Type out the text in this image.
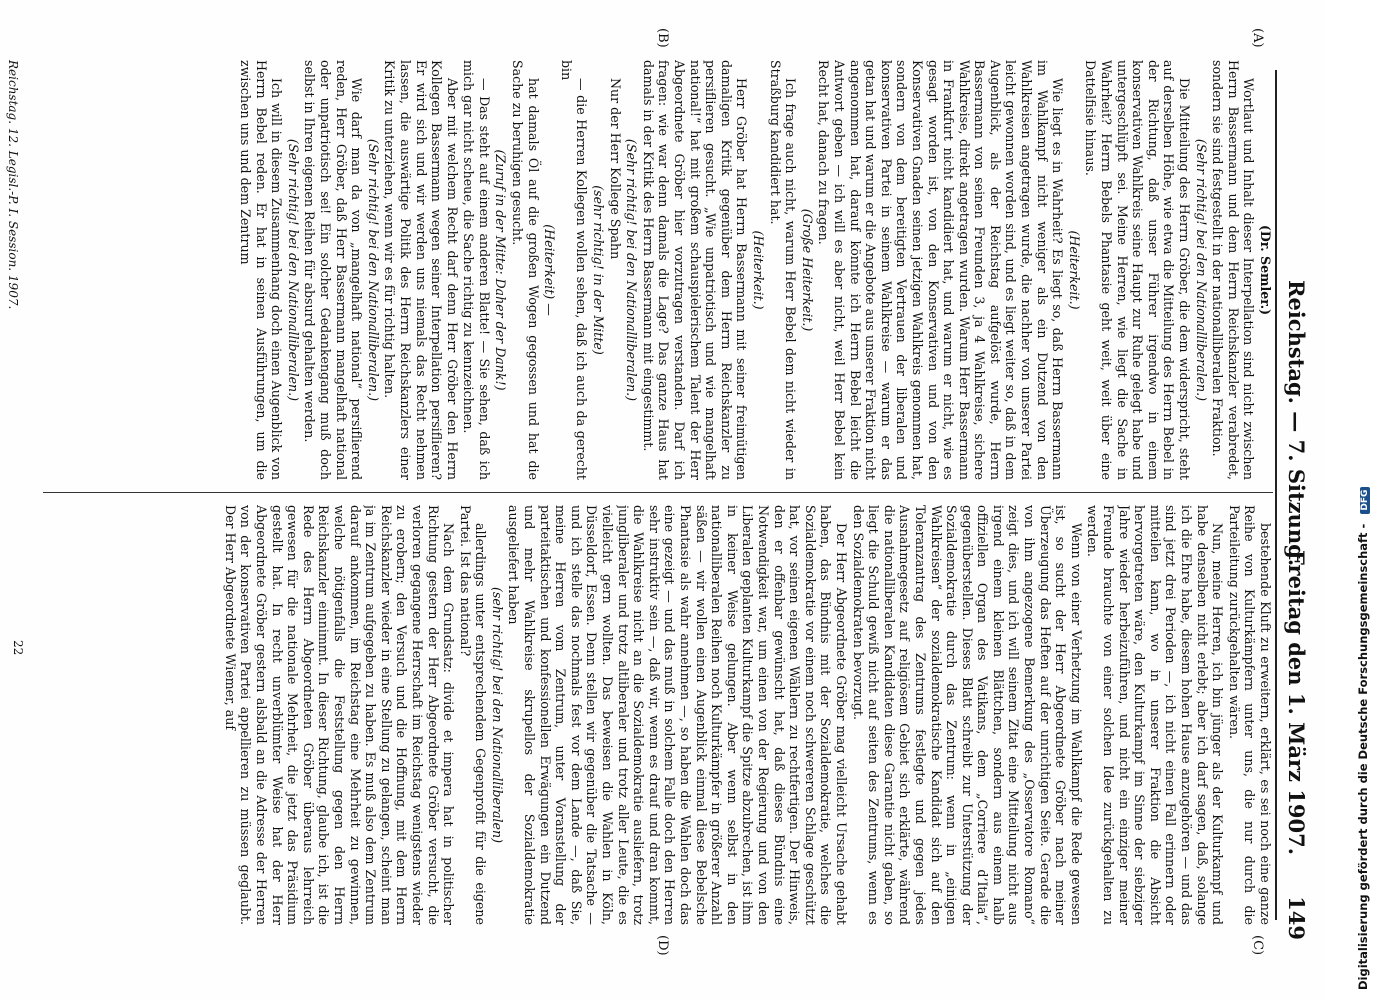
Reichstag. — 7. Sitzung.
Freitag den 1. März 1907.
149
(A)
(B)
(C)
(D)

(Dr. Semler.)

Wortlaut und Inhalt dieser Interpellation sind nicht zwischen Herrn Bassermann und dem Herrn Reichskanzler verabredet, sondern sie sind festgestellt in der nationalliberalen Fraktion.

(Sehr richtig! bei den Nationalliberalen.)

Die Mitteilung des Herrn Gröber, die dem widerspricht, steht auf derselben Höhe, wie etwa die Mitteilung des Herrn Bebel in der Richtung, daß unser Führer irgendwo in einem konservativen Wahlkreis seine Haupt zur Ruhe gelegt habe und untergeschlüpft sei. Meine Herren, wie liegt die Sache in Wahrheit? Herrn Bebels Phantasie geht weit, weit über eine Dattelfisie hinaus.

(Heiterkeit.)

Wie liegt es in Wahrheit? Es liegt so, daß Herrn Bassermann im Wahlkampf nicht weniger als ein Dutzend von den Wahlkreisen angetragen wurde, die nachher von unserer Partei leicht gewonnen worden sind, und es liegt weiter so, daß in dem Augenblick, als der Reichstag aufgelöst wurde, Herrn Bassermann von seinen Freunden 3, ja 4 Wahlkreise, sichere Wahlkreise, direkt angetragen wurden. Warum Herr Bassermann in Frankfurt nicht kandidiert hat, und warum er nicht, wie es gesagt worden ist, von den Konservativen und von den Konservativen Gnaden seinen jetzigen Wahlkreis genommen hat, sondern von dem bereitigten Vertrauen der liberalen und konservativen Partei in seinem Wahlkreise — warum er das getan hat und warum er die Angebote aus unserer Fraktion nicht angenommen hat, darauf könnte ich Herrn Bebel leicht die Antwort geben — ich will es aber nicht, weil Herr Bebel kein Recht hat, danach zu fragen.

(Große Heiterkeit.)

Ich frage auch nicht, warum Herr Bebel dem nicht wieder in Straßburg kandidiert hat.

(Heiterkeit.)

Herr Gröber hat Herrn Bassermann mit seiner freimütigen damaligen Kritik gegenüber dem Herrn Reichskanzler zu persiflieren gesucht. „Wie unpatriotisch und wie mangelhaft national!“ hat mit großem schauspielerischem Talent der Herr Abgeordnete Gröber hier vorzutragen verstanden. Darf ich fragen: wie war denn damals die Lage? Das ganze Haus hat damals in der Kritik des Herrn Bassermann mit eingestimmt.

(Sehr richtig! bei den Nationalliberalen.)

Nur der Herr Kollege Spahn

(sehr richtig! in der Mitte)

— die Herren Kollegen wollen sehen, daß ich auch da gerecht bin

(Heiterkeit) —

hat damals Öl auf die großen Wogen gegossen und hat die Sache zu beruhigen gesucht.

(Zuruf in der Mitte: Daher der Dank!)

— Das steht auf einem anderen Blatte! — Sie sehen, daß ich mich gar nicht scheue, die Sache richtig zu kennzeichnen.

Aber mit welchem Recht darf denn Herr Gröber den Herrn Kollegen Bassermann wegen seiner Interpellation persiflieren? Er wird sich und wir werden uns niemals das Recht nehmen lassen, die auswärtige Politik des Herrn Reichskanzlers einer Kritik zu unterziehen, wenn wir es für richtig halten.

(Sehr richtig! bei den Nationalliberalen.)

Wie darf man da von „mangelhaft national“ persiflierend reden, Herr Gröber, daß Herr Bassermann mangelhaft national oder unpatriotisch sei! Ein solcher Gedankengang muß doch selbst in Ihren eigenen Reihen für absurd gehalten werden.

(Sehr richtig! bei den Nationalliberalen.)

Ich will in diesem Zusammenhang doch einen Augenblick von Herrn Bebel reden. Er hat in seinen Ausführungen, um die zwischen uns und dem Zentrum

bestehende Kluft zu erweitern, erklärt, es sei noch eine ganze Reihe von Kulturkämpfern unter uns, die nur durch die Parteileitung zurückgehalten wären.

Nun, meine Herren, ich bin jünger als der Kulturkampf und habe denselben nicht erlebt; aber ich darf sagen, daß, solange ich die Ehre habe, diesem hohen Hause anzugehören — und das sind jetzt drei Perioden —, ich nicht einen Fall erinnern oder mitteilen kann, wo in unserer Fraktion die Absicht hervorgetreten wäre, den Kulturkampf im Sinne der siebziger Jahre wieder herbeizuführen, und nicht ein einziger meiner Freunde brauchte von einer solchen Idee zurückgehalten zu werden.

Wenn von einer Verhetzung im Wahlkampf die Rede gewesen ist, so sucht der Herr Abgeordnete Gröber nach meiner Überzeugung das Heften auf der unrichtigen Seite. Gerade die von ihm angezogene Bemerkung des „Osservatore Romano“ zeigt dies, und ich will seinem Zitat eine Mitteilung nicht aus irgend einem kleinen Blättchen, sondern aus einem halb offiziellen Organ des Vatikans, dem „Corriere d’Italia“, gegenüberstellen. Dieses Blatt schreibt zur Unterstützung der Sozialdemokratie durch das Zentrum: wenn in „einigen Wahlkreisen“ der sozialdemokratische Kandidat sich auf den Toleranzantrag des Zentrums festlegte und gegen jedes Ausnahmegesetz auf religiösem Gebiet sich erklärte, während die nationalliberalen Kandidaten diese Garantie nicht gaben, so liegt die Schuld gewiß nicht auf seiten des Zentrums, wenn es den Sozialdemokraten bevorzugt.

Der Herr Abgeordnete Gröber mag vielleicht Ursache gehabt haben, das Bündnis mit der Sozialdemokratie, welches die Sozialdemokratie vor einem noch schwereren Schlage geschützt hat, vor seinen eigenen Wählern zu rechtfertigen. Der Hinweis, den er offenbar gewünscht hat, daß dieses Bündnis eine Notwendigkeit war, um einen von der Regierung und von den Liberalen geplanten Kulturkampf die Spitze abzubrechen, ist ihm in keiner Weise gelungen. Aber wenn selbst in den nationalliberalen Reihen noch Kulturkämpfer in größerer Anzahl säßen — wir wollen einen Augenblick einmal diese Bebelsche Phantasie als wahr annehmen —, so haben die Wahlen doch das eine gezeigt — und das muß in solchem Falle doch den Herren sehr instruktiv sein —, daß wir, wenn es drauf und dran kommt, die Wahlkreise nicht an die Sozialdemokratie ausliefern, trotz jungliberaler und trotz altliberaler und trotz aller Leute, die es vielleicht gern wollten. Das beweisen die Wahlen in Köln, Düsseldorf, Essen. Denn stellen wir gegenüber die Tatsache — und ich stelle das nochmals fest vor dem Lande —, daß Sie, meine Herren vom Zentrum, unter Voranstellung der parteitaktischen und konfessionellen Erwägungen ein Dutzend und mehr Wahlkreise skrupellos der Sozialdemokratie ausgeliefert haben

(sehr richtig! bei den Nationalliberalen)

allerdings unter entsprechendem Gegenprofit für die eigene Partei. Ist das national?

Nach dem Grundsatz: divide et impera hat in politischer Richtung gestern der Herr Abgeordnete Gröber versucht, die verloren gegangene Herrschaft im Reichstag wenigstens wieder zu erobern; den Versuch und die Hoffnung, mit dem Herrn Reichskanzler wieder in eine Stellung zu gelangen, scheint man ja im Zentrum aufgegeben zu haben. Es muß also dem Zentrum darauf ankommen, im Reichstag eine Mehrheit zu gewinnen, welche nötigenfalls die Feststellung gegen den Herrn Reichskanzler einnimmt. In dieser Richtung, glaube ich, ist die Rede des Herrn Abgeordneten Gröber überaus lehrreich gewesen für die nationale Mehrheit, die jetzt das Präsidium gestellt hat. In recht unverblümter Weise hat der Herr Abgeordnete Gröber gestern alsbald an die Adresse der Herren von der konservativen Partei appellieren zu müssen geglaubt. Der Herr Abgeordnete Wiemer, auf

Reichstag. 12. Legisl.-P. I. Session. 1907.
22	Digitalisierung gefördert durch die Deutsche Forschungsgemeinschaft - DFG
